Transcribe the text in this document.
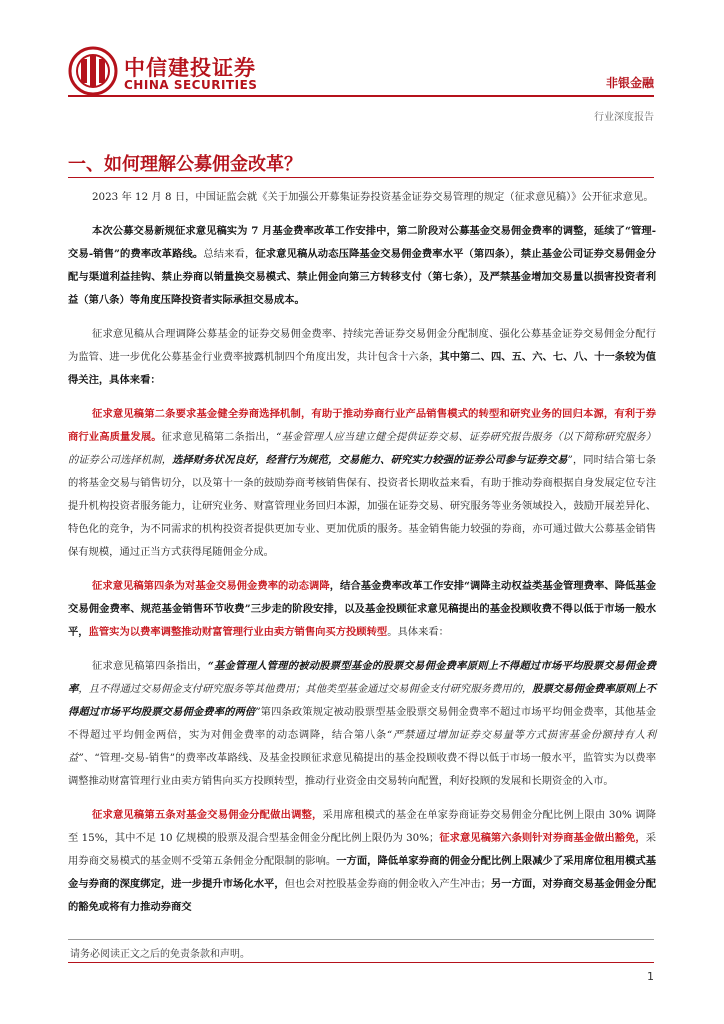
中信建投证券
CHINA SECURITIES	非银金融
行业深度报告
一、如何理解公募佣金改革？

2023 年 12 月 8 日，中国证监会就《关于加强公开募集证券投资基金证券交易管理的规定（征求意见稿）》公开征求意见。

本次公募交易新规征求意见稿实为 7 月基金费率改革工作安排中，第二阶段对公募基金交易佣金费率的调整，延续了“管理-交易-销售”的费率改革路线。总结来看，征求意见稿从动态压降基金交易佣金费率水平（第四条），禁止基金公司证券交易佣金分配与渠道利益挂钩、禁止券商以销量换交易模式、禁止佣金向第三方转移支付（第七条），及严禁基金增加交易量以损害投资者利益（第八条）等角度压降投资者实际承担交易成本。

征求意见稿从合理调降公募基金的证券交易佣金费率、持续完善证券交易佣金分配制度、强化公募基金证券交易佣金分配行为监管、进一步优化公募基金行业费率披露机制四个角度出发，共计包含十六条，其中第二、四、五、六、七、八、十一条较为值得关注，具体来看：

征求意见稿第二条要求基金健全券商选择机制，有助于推动券商行业产品销售模式的转型和研究业务的回归本源，有利于券商行业高质量发展。征求意见稿第二条指出，“基金管理人应当建立健全提供证券交易、证券研究报告服务（以下简称研究服务）的证券公司选择机制，选择财务状况良好，经营行为规范，交易能力、研究实力较强的证券公司参与证券交易”，同时结合第七条的将基金交易与销售切分，以及第十一条的鼓励券商考核销售保有、投资者长期收益来看，有助于推动券商根据自身发展定位专注提升机构投资者服务能力，让研究业务、财富管理业务回归本源，加强在证券交易、研究服务等业务领域投入，鼓励开展差异化、特色化的竞争，为不同需求的机构投资者提供更加专业、更加优质的服务。基金销售能力较强的券商，亦可通过做大公募基金销售保有规模，通过正当方式获得尾随佣金分成。

征求意见稿第四条为对基金交易佣金费率的动态调降，结合基金费率改革工作安排“调降主动权益类基金管理费率、降低基金交易佣金费率、规范基金销售环节收费”三步走的阶段安排，以及基金投顾征求意见稿提出的基金投顾收费不得以低于市场一般水平，监管实为以费率调整推动财富管理行业由卖方销售向买方投顾转型。具体来看：

征求意见稿第四条指出，“基金管理人管理的被动股票型基金的股票交易佣金费率原则上不得超过市场平均股票交易佣金费率，且不得通过交易佣金支付研究服务等其他费用；其他类型基金通过交易佣金支付研究服务费用的，股票交易佣金费率原则上不得超过市场平均股票交易佣金费率的两倍”第四条政策规定被动股票型基金股票交易佣金费率不超过市场平均佣金费率，其他基金不得超过平均佣金两倍，实为对佣金费率的动态调降，结合第八条“严禁通过增加证券交易量等方式损害基金份额持有人利益”、“管理-交易-销售”的费率改革路线、及基金投顾征求意见稿提出的基金投顾收费不得以低于市场一般水平，监管实为以费率调整推动财富管理行业由卖方销售向买方投顾转型，推动行业资金由交易转向配置，利好投顾的发展和长期资金的入市。

征求意见稿第五条对基金交易佣金分配做出调整，采用席租模式的基金在单家券商证券交易佣金分配比例上限由 30% 调降至 15%，其中不足 10 亿规模的股票及混合型基金佣金分配比例上限仍为 30%；征求意见稿第六条则针对券商基金做出豁免，采用券商交易模式的基金则不受第五条佣金分配限制的影响。一方面，降低单家券商的佣金分配比例上限减少了采用席位租用模式基金与券商的深度绑定，进一步提升市场化水平，但也会对控股基金券商的佣金收入产生冲击；另一方面，对券商交易基金佣金分配的豁免或将有力推动券商交

请务必阅读正文之后的免责条款和声明。
1
